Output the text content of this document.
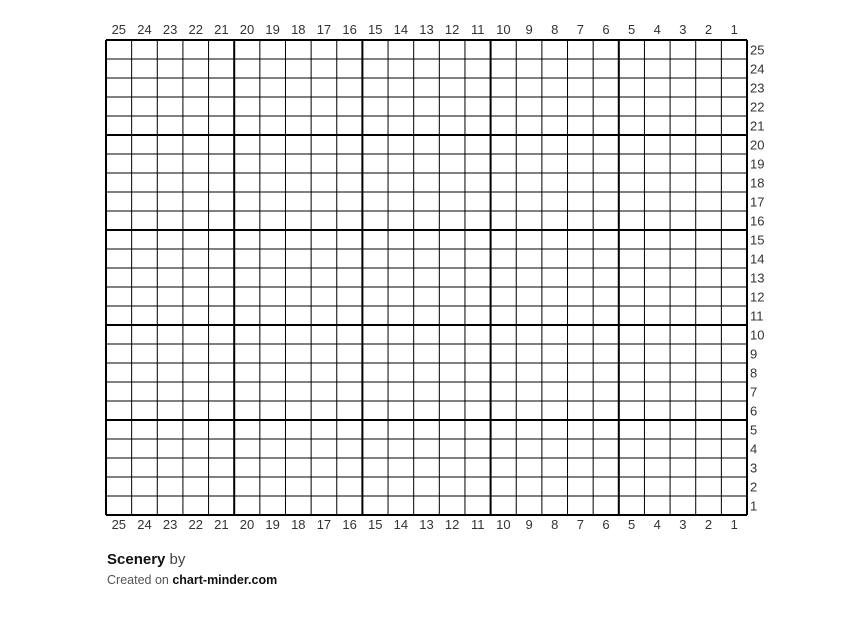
25
25
24
24
23
23
22
22
21
21
20
20
19
19
18
18
17
17
16
16
15
15
14
14
13
13
12
12
11
11
10
10
9
9
8
8
7
7
6
6
5
5
4
4
3
3
2
2
1
1
25
24
23
22
21
20
19
18
17
16
15
14
13
12
11
10
9
8
7
6
5
4
3
2
1
Scenery by
Created on chart-minder.com
